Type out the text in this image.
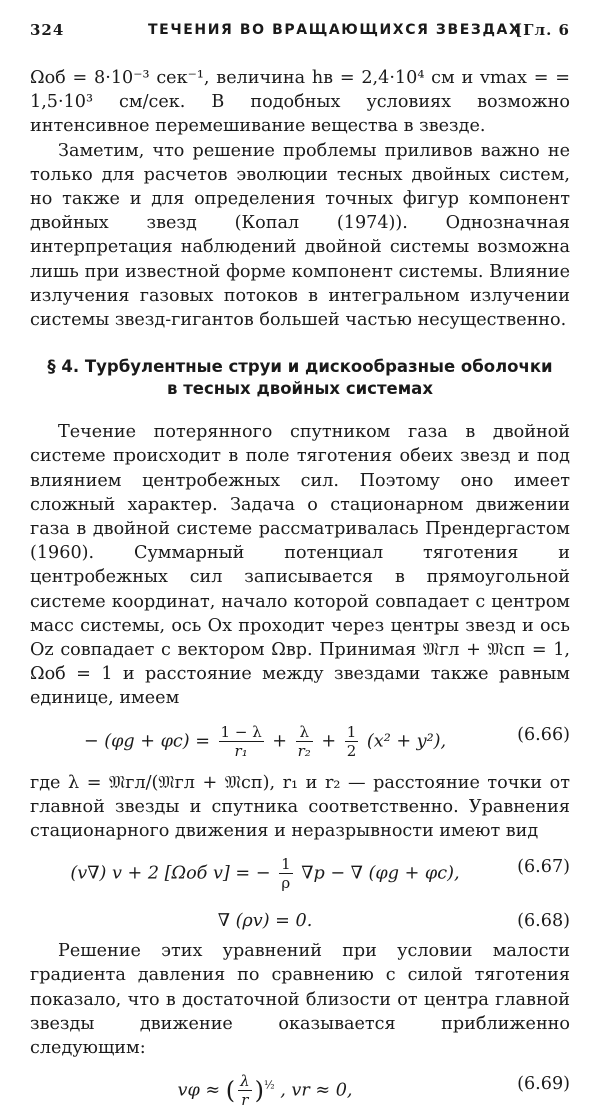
324	ТЕЧЕНИЯ ВО ВРАЩАЮЩИХСЯ ЗВЕЗДАХ
[Гл. 6

Ωоб = 8·10⁻³ сек⁻¹, величина hв = 2,4·10⁴ см и vmax = = 1,5·10³ см/сек. В подобных условиях возможно интенсивное перемешивание вещества в звезде.

Заметим, что решение проблемы приливов важно не только для расчетов эволюции тесных двойных систем, но также и для определения точных фигур компонент двойных звезд (Копал (1974)). Однозначная интерпретация наблюдений двойной системы возможна лишь при известной форме компонент системы. Влияние излучения газовых потоков в интегральном излучении системы звезд-гигантов большей частью несущественно.

§ 4. Турбулентные струи и дискообразные оболочки
в тесных двойных системах

Течение потерянного спутником газа в двойной системе происходит в поле тяготения обеих звезд и под влиянием центробежных сил. Поэтому оно имеет сложный характер. Задача о стационарном движении газа в двойной системе рассматривалась Прендергастом (1960). Суммарный потенциал тяготения и центробежных сил записывается в прямоугольной системе координат, начало которой совпадает с центром масс системы, ось Ox проходит через центры звезд и ось Oz совпадает с вектором Ωвр. Принимая 𝔐гл + 𝔐сп = 1, Ωоб = 1 и расстояние между звездами также равным единице, имеем

− $(\varphi g + \varphi c) = \frac{1 - \lambda}{\text{r₁}} + \frac{\lambda}{\text{r₂}} + \frac{1}{2} (x^2 + y^2)$,	(6.66)

где λ = 𝔐гл/(𝔐гл + 𝔐сп), r₁ и r₂ — расстояние точки от главной звезды и спутника соответственно. Уравнения стационарного движения и неразрывности имеют вид

(v∇) v + 2 [Ωоб v] = − $\frac{1}{\rho} \nabla p$ − ∇ (φg + φc),	(6.67)
∇ (ρv) = 0.	(6.68)

Решение этих уравнений при условии малости градиента давления по сравнению с силой тяготения показало, что в достаточной близости от центра главной звезды движение оказывается приближенно следующим:

vφ ≈ ( $\frac{\lambda}{r} )^{\frac{1}{2}}$ , vr ≈ 0,	(6.69)
